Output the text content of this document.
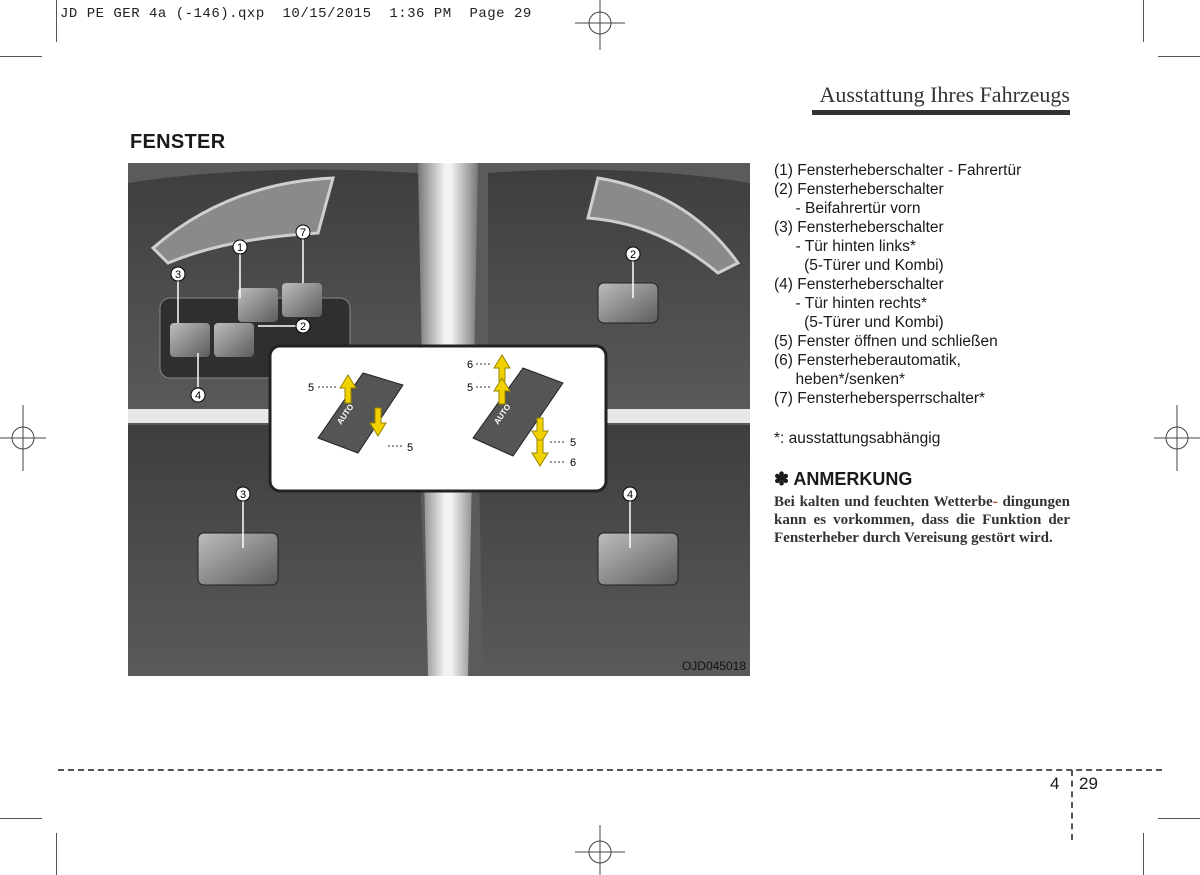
JD PE GER 4a (-146).qxp  10/15/2015  1:36 PM  Page 29
Ausstattung Ihres Fahrzeugs
FENSTER
1
7
3
4
2
2
3	4
5
5
6
5
5
6
AUTO	AUTO
OJD045018
(1) Fensterheberschalter - Fahrertür
(2) Fensterheberschalter
- Beifahrertür vorn
(3) Fensterheberschalter
- Tür hinten links*
(5-Türer und Kombi)
(4) Fensterheberschalter
- Tür hinten rechts*
(5-Türer und Kombi)
(5) Fenster öffnen und schließen
(6) Fensterheberautomatik,
heben*/senken*
(7) Fensterhebersperrschalter*
*: ausstattungsabhängig
✽ ANMERKUNG
Bei kalten und feuchten Wetterbe- dingungen kann es vorkommen, dass die Funktion der Fensterheber durch Vereisung gestört wird.
4 29
